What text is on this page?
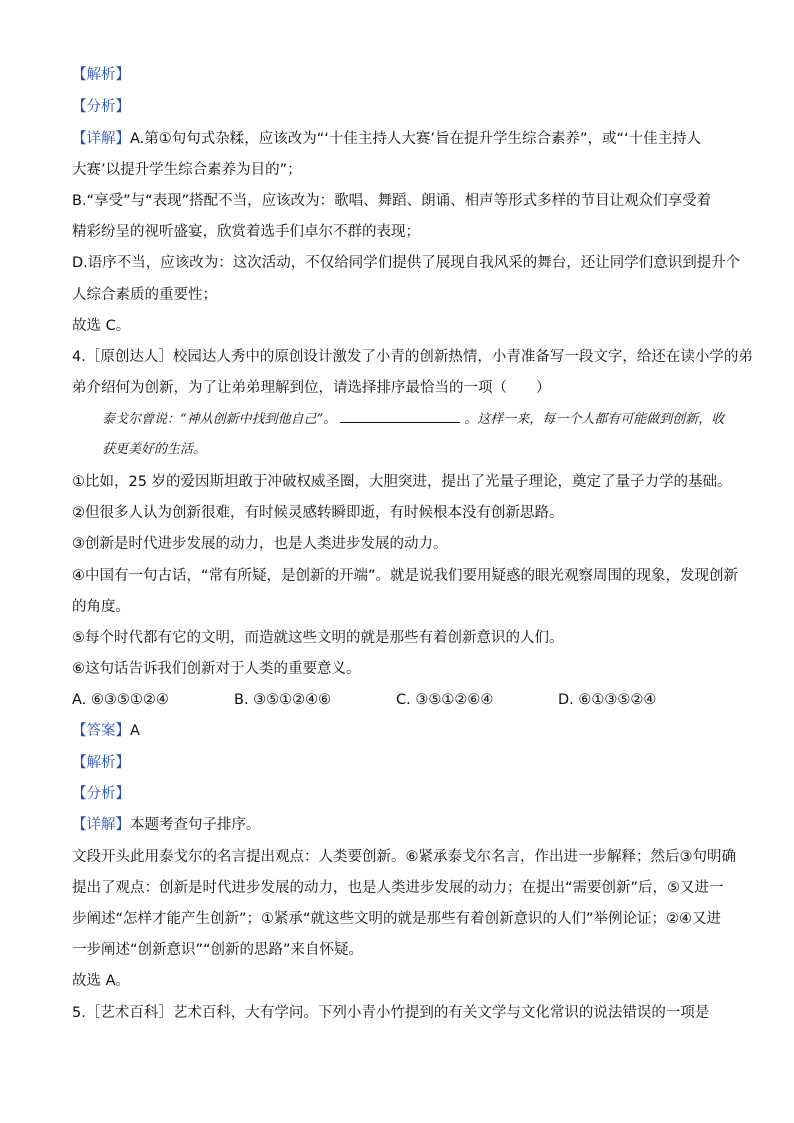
【解析】
【分析】
【详解】A.第①句句式杂糅，应该改为“‘十佳主持人大赛’旨在提升学生综合素养”，或“‘十佳主持人
大赛’以提升学生综合素养为目的”；
B.“享受”与“表现”搭配不当，应该改为：歌唱、舞蹈、朗诵、相声等形式多样的节目让观众们享受着
精彩纷呈的视听盛宴，欣赏着选手们卓尔不群的表现；
D.语序不当，应该改为：这次活动，不仅给同学们提供了展现自我风采的舞台，还让同学们意识到提升个
人综合素质的重要性；
故选 C。
4.［原创达人］校园达人秀中的原创设计激发了小青的创新热情，小青准备写一段文字，给还在读小学的弟
弟介绍何为创新，为了让弟弟理解到位，请选择排序最恰当的一项（　　）
泰戈尔曾说：“神从创新中找到他自己”。	。这样一来，每一个人都有可能做到创新，收
获更美好的生活。
①比如，25 岁的爱因斯坦敢于冲破权威圣圈，大胆突进，提出了光量子理论，奠定了量子力学的基础。
②但很多人认为创新很难，有时候灵感转瞬即逝，有时候根本没有创新思路。
③创新是时代进步发展的动力，也是人类进步发展的动力。
④中国有一句古话，“常有所疑，是创新的开端”。就是说我们要用疑惑的眼光观察周围的现象，发现创新
的角度。
⑤每个时代都有它的文明，而造就这些文明的就是那些有着创新意识的人们。
⑥这句话告诉我们创新对于人类的重要意义。
A. ⑥③⑤①②④	B. ③⑤①②④⑥	C. ③⑤①②⑥④	D. ⑥①③⑤②④
【答案】A
【解析】
【分析】
【详解】本题考查句子排序。
文段开头此用泰戈尔的名言提出观点：人类要创新。⑥紧承泰戈尔名言，作出进一步解释；然后③句明确
提出了观点：创新是时代进步发展的动力，也是人类进步发展的动力；在提出“需要创新”后，⑤又进一
步阐述“怎样才能产生创新”；①紧承“就这些文明的就是那些有着创新意识的人们”举例论证；②④又进
一步阐述“创新意识”“创新的思路”来自怀疑。
故选 A。
5.［艺术百科］艺术百科，大有学问。下列小青小竹提到的有关文学与文化常识的说法错误的一项是
